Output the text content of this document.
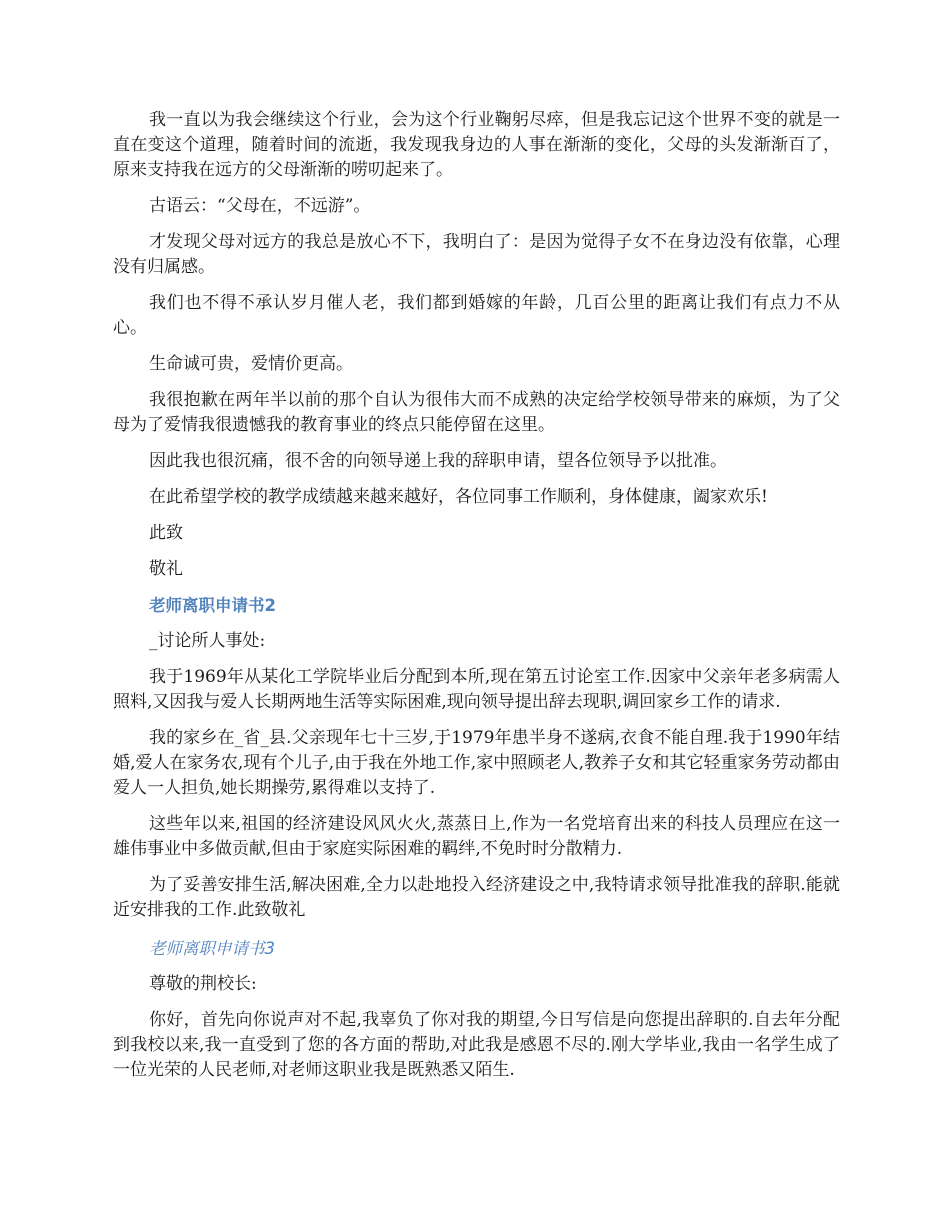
我一直以为我会继续这个行业，会为这个行业鞠躬尽瘁，但是我忘记这个世界不变的就是一直在变这个道理，随着时间的流逝，我发现我身边的人事在渐渐的变化，父母的头发渐渐百了，原来支持我在远方的父母渐渐的唠叨起来了。

古语云：“父母在，不远游”。

才发现父母对远方的我总是放心不下，我明白了：是因为觉得子女不在身边没有依靠，心理没有归属感。

我们也不得不承认岁月催人老，我们都到婚嫁的年龄，几百公里的距离让我们有点力不从心。

生命诚可贵，爱情价更高。

我很抱歉在两年半以前的那个自认为很伟大而不成熟的决定给学校领导带来的麻烦，为了父母为了爱情我很遗憾我的教育事业的终点只能停留在这里。

因此我也很沉痛，很不舍的向领导递上我的辞职申请，望各位领导予以批准。

在此希望学校的教学成绩越来越来越好，各位同事工作顺利，身体健康，阖家欢乐!

此致

敬礼

老师离职申请书2

_讨论所人事处:

我于1969年从某化工学院毕业后分配到本所,现在第五讨论室工作.因家中父亲年老多病需人照料,又因我与爱人长期两地生活等实际困难,现向领导提出辞去现职,调回家乡工作的请求.

我的家乡在_省_县.父亲现年七十三岁,于1979年患半身不遂病,衣食不能自理.我于1990年结婚,爱人在家务农,现有个儿子,由于我在外地工作,家中照顾老人,教养子女和其它轻重家务劳动都由爱人一人担负,她长期操劳,累得难以支持了.

这些年以来,祖国的经济建设风风火火,蒸蒸日上,作为一名党培育出来的科技人员理应在这一雄伟事业中多做贡献,但由于家庭实际困难的羁绊,不免时时分散精力.

为了妥善安排生活,解决困难,全力以赴地投入经济建设之中,我特请求领导批准我的辞职.能就近安排我的工作.此致敬礼

老师离职申请书3

尊敬的荆校长:

你好，首先向你说声对不起,我辜负了你对我的期望,今日写信是向您提出辞职的.自去年分配到我校以来,我一直受到了您的各方面的帮助,对此我是感恩不尽的.刚大学毕业,我由一名学生成了一位光荣的人民老师,对老师这职业我是既熟悉又陌生.
